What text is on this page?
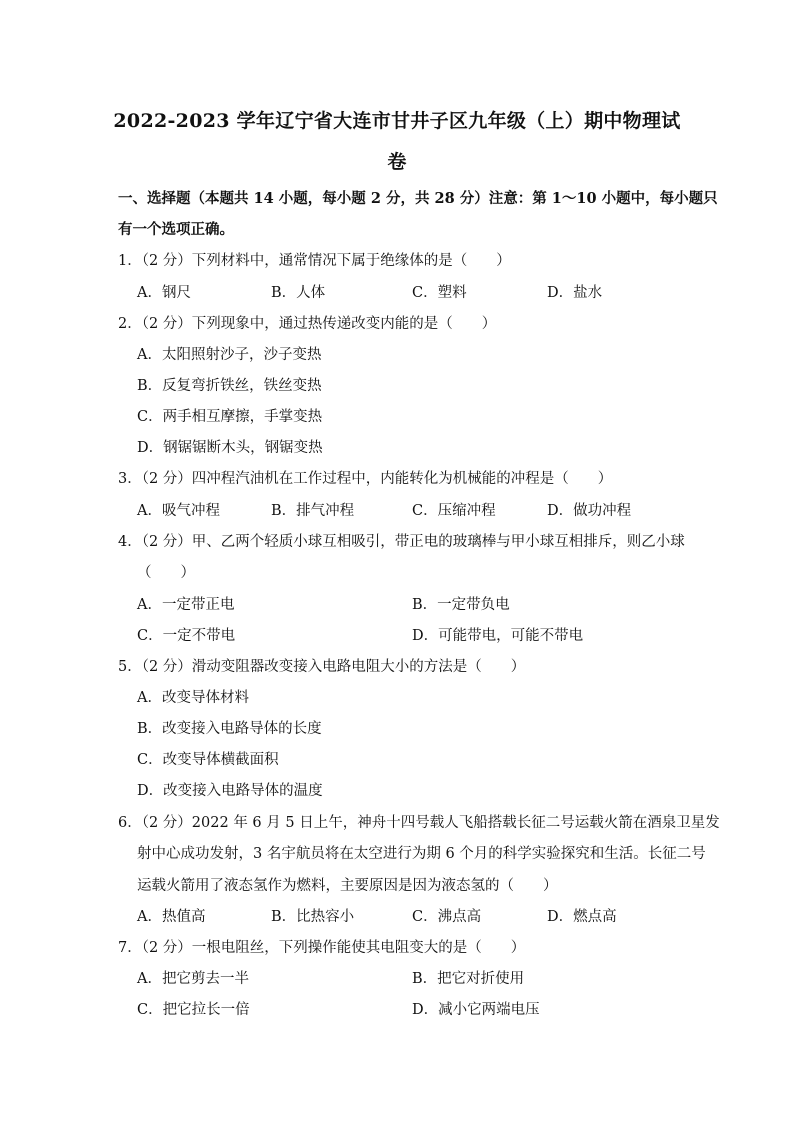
2022-2023 学年辽宁省大连市甘井子区九年级（上）期中物理试
卷
一、选择题（本题共 14 小题，每小题 2 分，共 28 分）注意：第 1～10 小题中，每小题只
有一个选项正确。
1．（2 分）下列材料中，通常情况下属于绝缘体的是（　　）
A．钢尺	B．人体	C．塑料	D．盐水
2．（2 分）下列现象中，通过热传递改变内能的是（　　）
A．太阳照射沙子，沙子变热
B．反复弯折铁丝，铁丝变热
C．两手相互摩擦，手掌变热
D．钢锯锯断木头，钢锯变热
3．（2 分）四冲程汽油机在工作过程中，内能转化为机械能的冲程是（　　）
A．吸气冲程	B．排气冲程	C．压缩冲程	D．做功冲程
4．（2 分）甲、乙两个轻质小球互相吸引，带正电的玻璃棒与甲小球互相排斥，则乙小球
（　　）
A．一定带正电	B．一定带负电
C．一定不带电	D．可能带电，可能不带电
5．（2 分）滑动变阻器改变接入电路电阻大小的方法是（　　）
A．改变导体材料
B．改变接入电路导体的长度
C．改变导体横截面积
D．改变接入电路导体的温度
6．（2 分）2022 年 6 月 5 日上午，神舟十四号载人飞船搭载长征二号运载火箭在酒泉卫星发
射中心成功发射，3 名宇航员将在太空进行为期 6 个月的科学实验探究和生活。长征二号
运载火箭用了液态氢作为燃料，主要原因是因为液态氢的（　　）
A．热值高	B．比热容小	C．沸点高	D．燃点高
7．（2 分）一根电阻丝，下列操作能使其电阻变大的是（　　）
A．把它剪去一半	B．把它对折使用
C．把它拉长一倍	D．减小它两端电压
